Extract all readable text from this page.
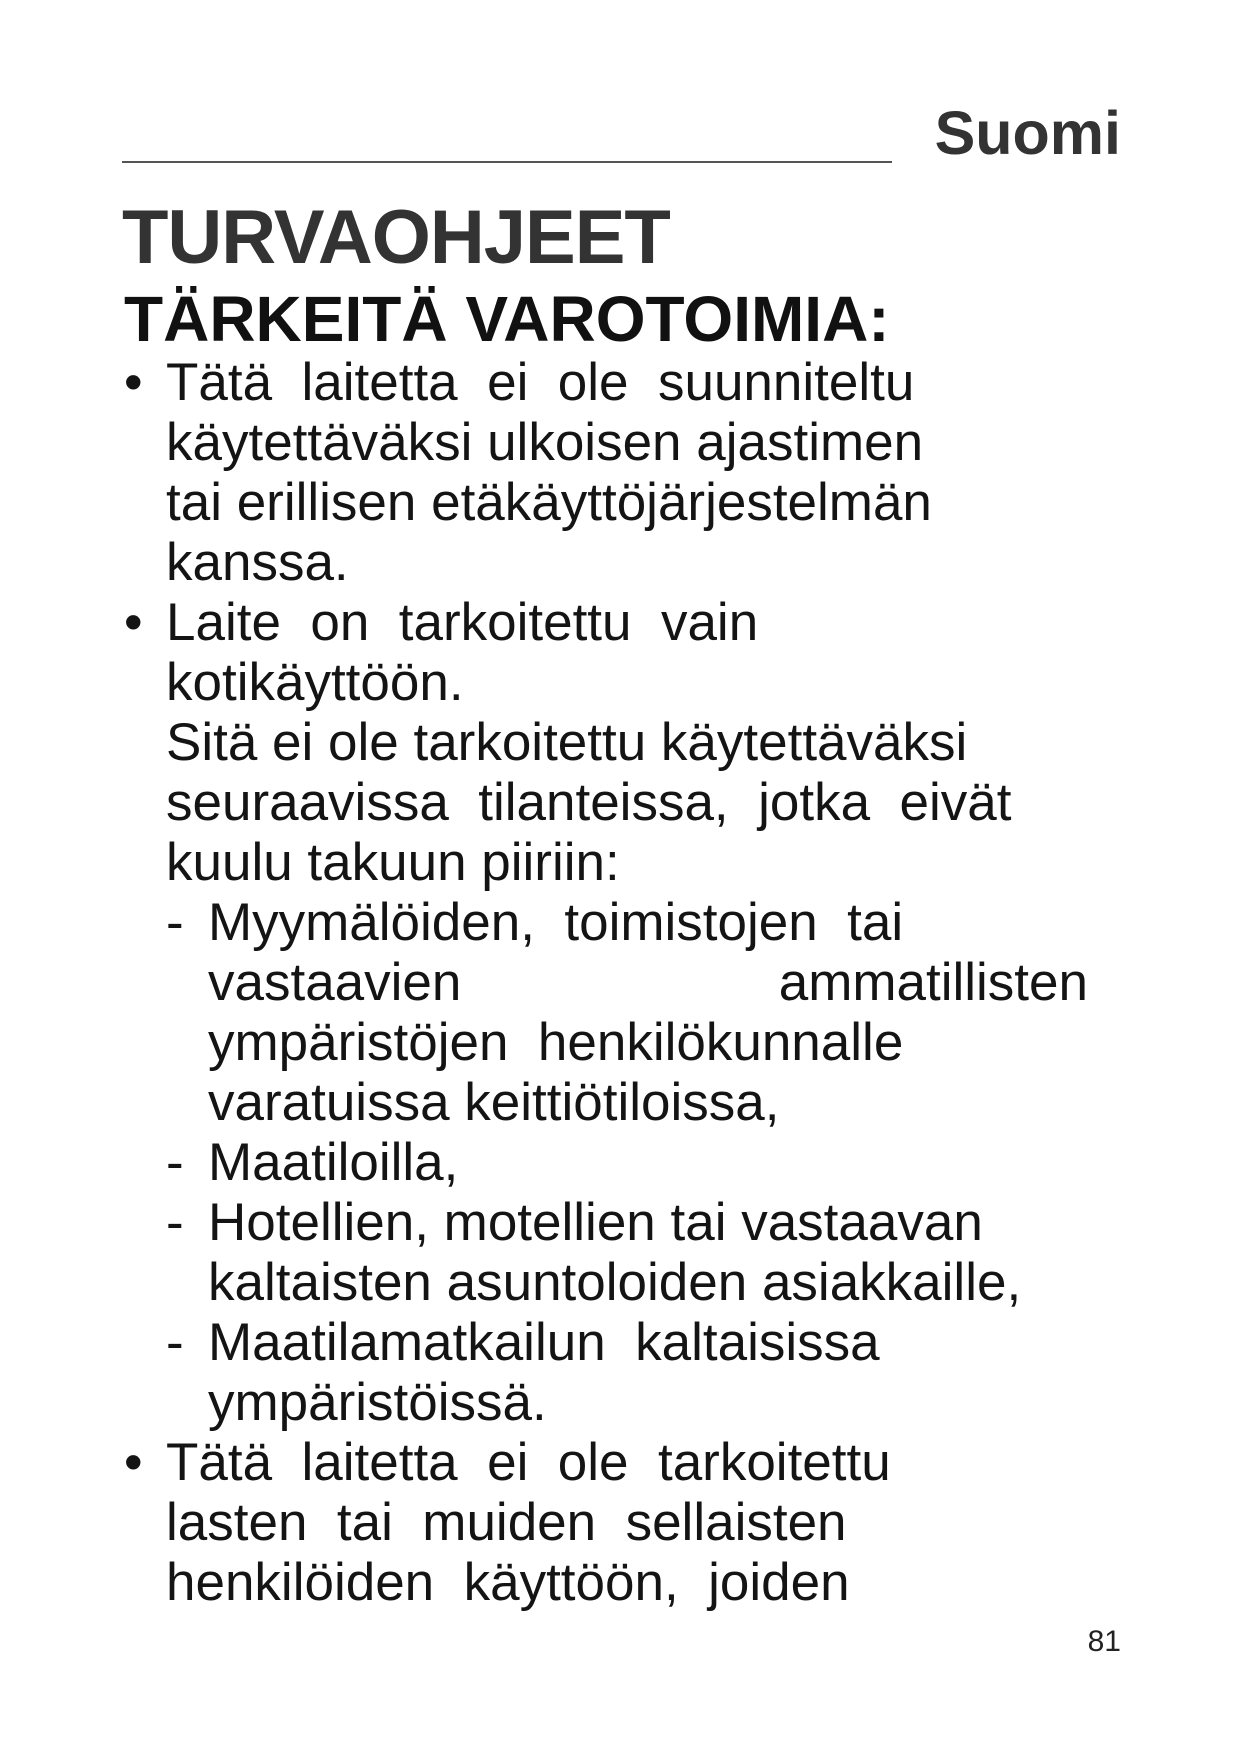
Suomi
TURVAOHJEET
TÄRKEITÄ VAROTOIMIA:
• Tätä  laitetta  ei  ole  suunniteltu
käytettäväksi ulkoisen ajastimen
tai erillisen etäkäyttöjärjestelmän
kanssa.
• Laite  on  tarkoitettu  vain
kotikäyttöön.
Sitä ei ole tarkoitettu käytettäväksi
seuraavissa  tilanteissa,  jotka  eivät
kuulu takuun piiriin:
- Myymälöiden,  toimistojen  tai
vastaavien	ammatillisten
ympäristöjen  henkilökunnalle
varatuissa keittiötiloissa,
- Maatiloilla,
- Hotellien, motellien tai vastaavan
kaltaisten asuntoloiden asiakkaille,
- Maatilamatkailun  kaltaisissa
ympäristöissä.
• Tätä  laitetta  ei  ole  tarkoitettu
lasten  tai  muiden  sellaisten
henkilöiden  käyttöön,  joiden
81
